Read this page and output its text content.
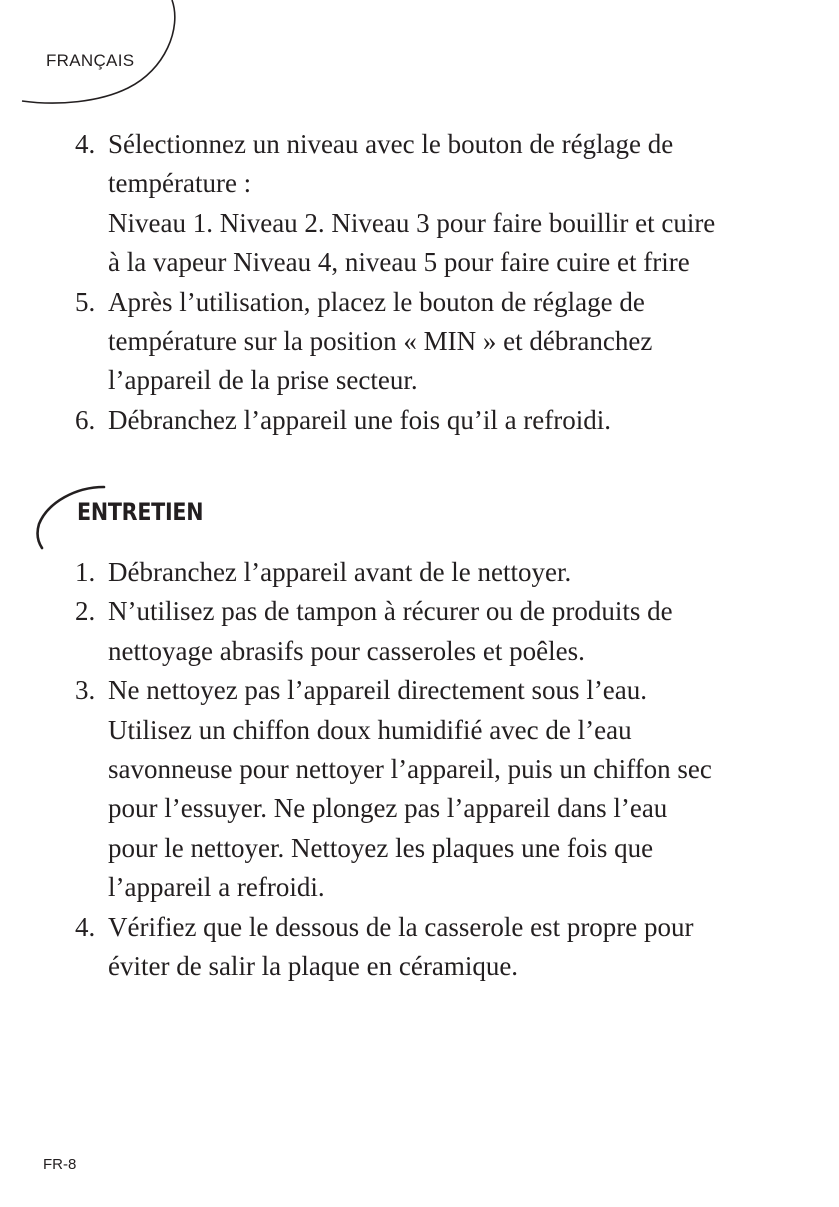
FRANÇAIS
4. Sélectionnez un niveau avec le bouton de réglage de
température :
Niveau 1. Niveau 2. Niveau 3 pour faire bouillir et cuire
à la vapeur Niveau 4, niveau 5 pour faire cuire et frire
5. Après l’utilisation, placez le bouton de réglage de
température sur la position « MIN » et débranchez
l’appareil de la prise secteur.
6. Débranchez l’appareil une fois qu’il a refroidi.
ENTRETIEN
1. Débranchez l’appareil avant de le nettoyer.
2. N’utilisez pas de tampon à récurer ou de produits de
nettoyage abrasifs pour casseroles et poêles.
3. Ne nettoyez pas l’appareil directement sous l’eau.
Utilisez un chiffon doux humidifié avec de l’eau
savonneuse pour nettoyer l’appareil, puis un chiffon sec
pour l’essuyer. Ne plongez pas l’appareil dans l’eau
pour le nettoyer. Nettoyez les plaques une fois que
l’appareil a refroidi.
4. Vérifiez que le dessous de la casserole est propre pour
éviter de salir la plaque en céramique.
FR-8
